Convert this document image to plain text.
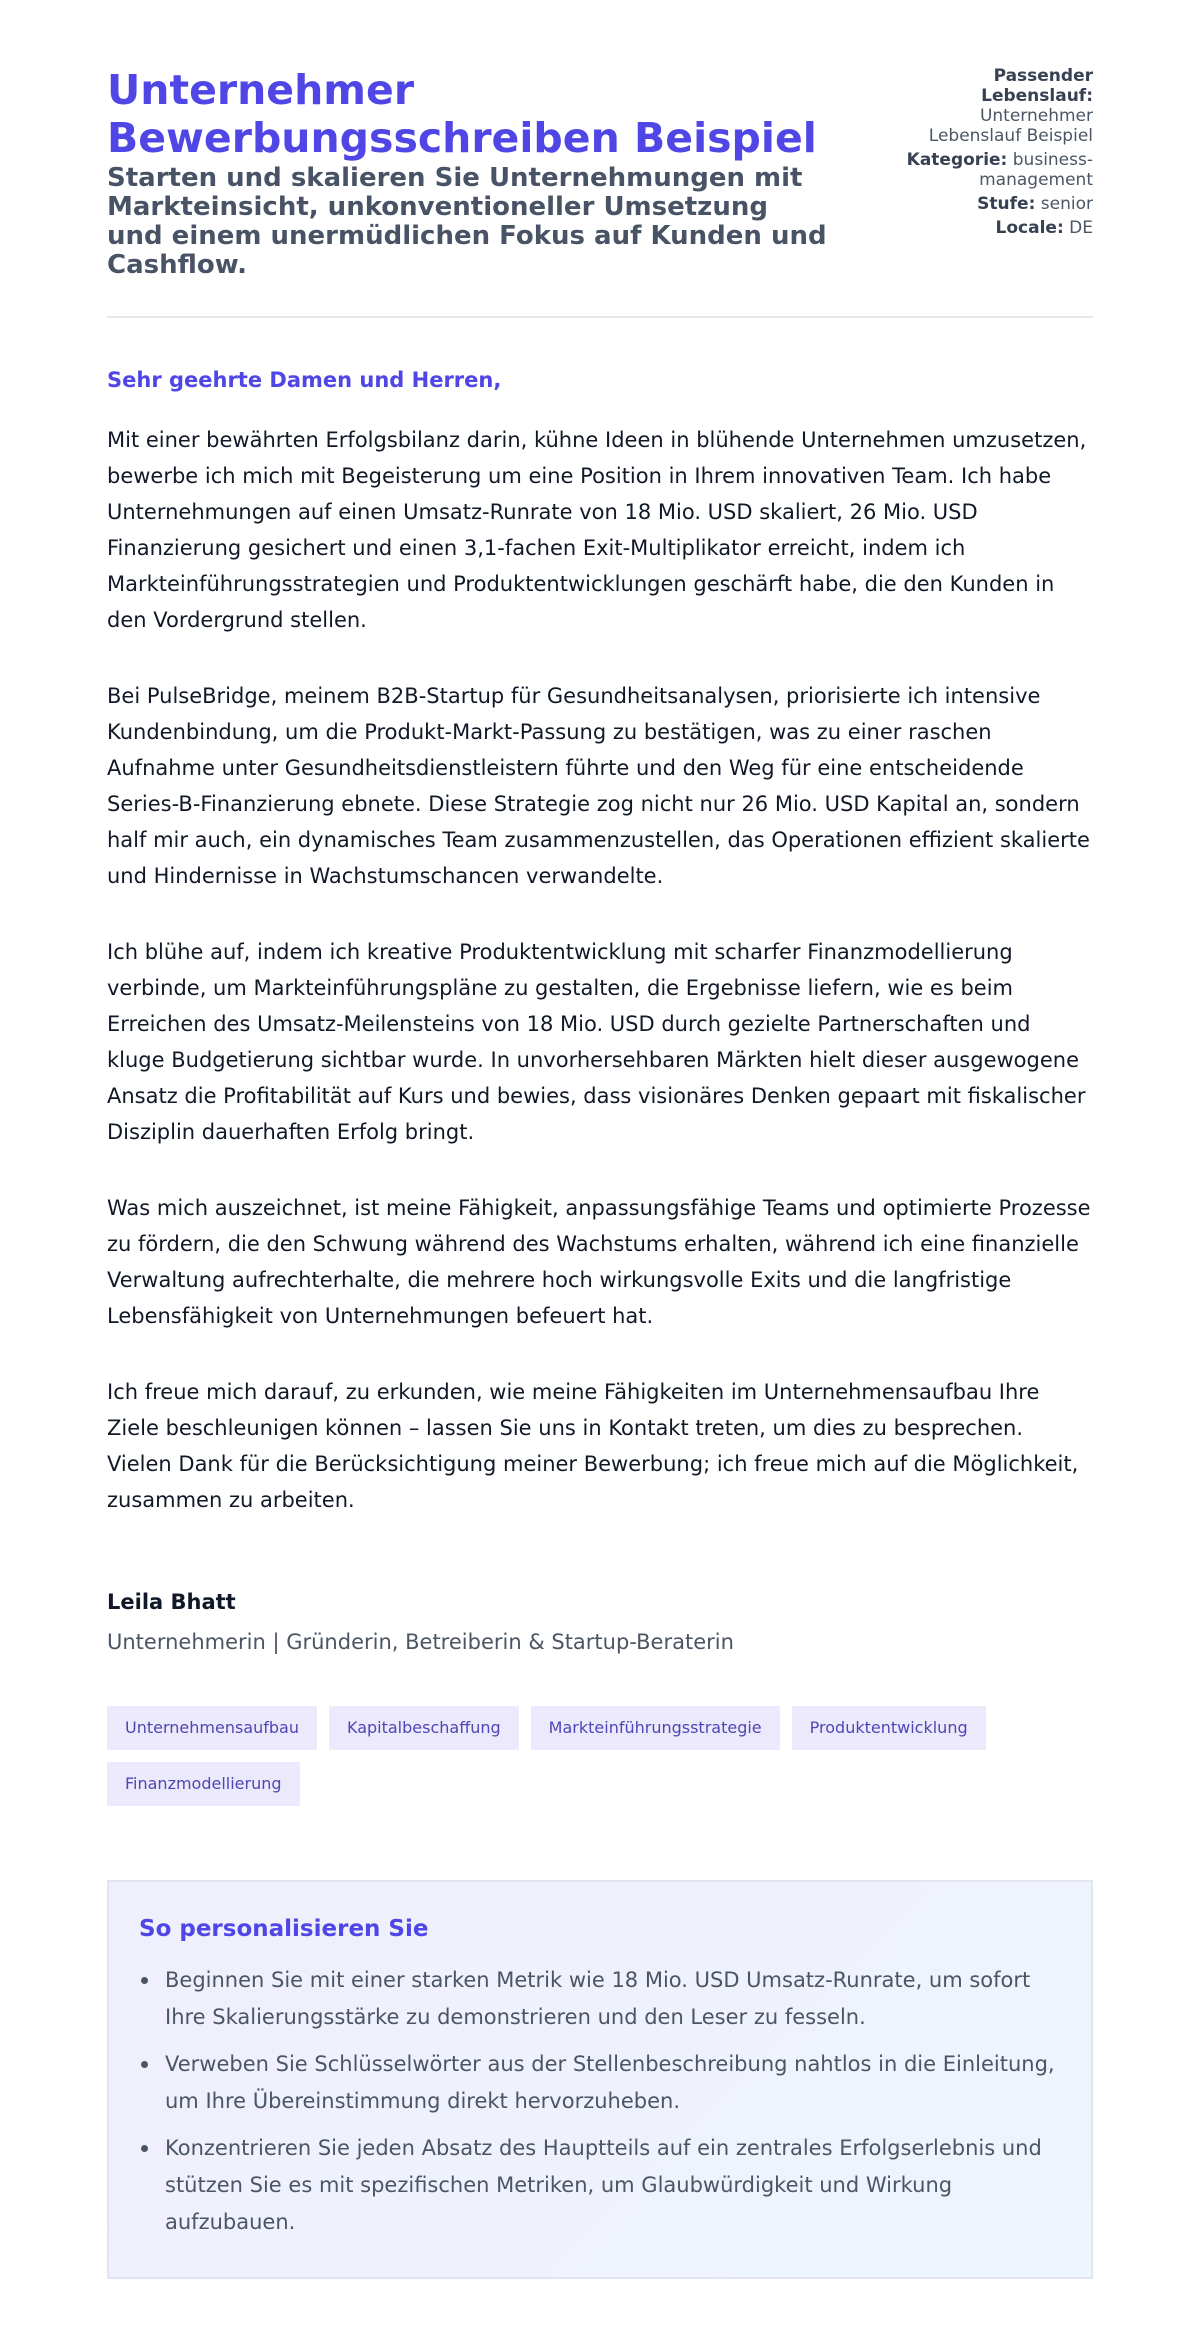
Unternehmer Bewerbungsschreiben Beispiel
Starten und skalieren Sie Unternehmungen mit Markteinsicht, unkonventioneller Umsetzung und einem unermüdlichen Fokus auf Kunden und Cashflow.
Passender Lebenslauf: Unternehmer Lebenslauf Beispiel
Kategorie: business-management
Stufe: senior
Locale: DE

Sehr geehrte Damen und Herren,

Mit einer bewährten Erfolgsbilanz darin, kühne Ideen in blühende Unternehmen umzusetzen, bewerbe ich mich mit Begeisterung um eine Position in Ihrem innovativen Team. Ich habe Unternehmungen auf einen Umsatz-Runrate von 18 Mio. USD skaliert, 26 Mio. USD Finanzierung gesichert und einen 3,1-fachen Exit-Multiplikator erreicht, indem ich Markteinführungsstrategien und Produktentwicklungen geschärft habe, die den Kunden in den Vordergrund stellen.

Bei PulseBridge, meinem B2B-Startup für Gesundheitsanalysen, priorisierte ich intensive Kundenbindung, um die Produkt-Markt-Passung zu bestätigen, was zu einer raschen Aufnahme unter Gesundheitsdienstleistern führte und den Weg für eine entscheidende Series-B-Finanzierung ebnete. Diese Strategie zog nicht nur 26 Mio. USD Kapital an, sondern half mir auch, ein dynamisches Team zusammenzustellen, das Operationen effizient skalierte und Hindernisse in Wachstumschancen verwandelte.

Ich blühe auf, indem ich kreative Produktentwicklung mit scharfer Finanzmodellierung verbinde, um Markteinführungspläne zu gestalten, die Ergebnisse liefern, wie es beim Erreichen des Umsatz-Meilensteins von 18 Mio. USD durch gezielte Partnerschaften und kluge Budgetierung sichtbar wurde. In unvorhersehbaren Märkten hielt dieser ausgewogene Ansatz die Profitabilität auf Kurs und bewies, dass visionäres Denken gepaart mit fiskalischer Disziplin dauerhaften Erfolg bringt.

Was mich auszeichnet, ist meine Fähigkeit, anpassungsfähige Teams und optimierte Prozesse zu fördern, die den Schwung während des Wachstums erhalten, während ich eine finanzielle Verwaltung aufrechterhalte, die mehrere hoch wirkungsvolle Exits und die langfristige Lebensfähigkeit von Unternehmungen befeuert hat.

Ich freue mich darauf, zu erkunden, wie meine Fähigkeiten im Unternehmensaufbau Ihre Ziele beschleunigen können – lassen Sie uns in Kontakt treten, um dies zu besprechen. Vielen Dank für die Berücksichtigung meiner Bewerbung; ich freue mich auf die Möglichkeit, zusammen zu arbeiten.

Leila Bhatt
Unternehmerin | Gründerin, Betreiberin & Startup-Beraterin
Unternehmensaufbau	Kapitalbeschaffung	Markteinführungsstrategie	Produktentwicklung
Finanzmodellierung
So personalisieren Sie
Beginnen Sie mit einer starken Metrik wie 18 Mio. USD Umsatz-Runrate, um sofort Ihre Skalierungsstärke zu demonstrieren und den Leser zu fesseln.
Verweben Sie Schlüsselwörter aus der Stellenbeschreibung nahtlos in die Einleitung, um Ihre Übereinstimmung direkt hervorzuheben.
Konzentrieren Sie jeden Absatz des Hauptteils auf ein zentrales Erfolgserlebnis und stützen Sie es mit spezifischen Metriken, um Glaubwürdigkeit und Wirkung aufzubauen.
